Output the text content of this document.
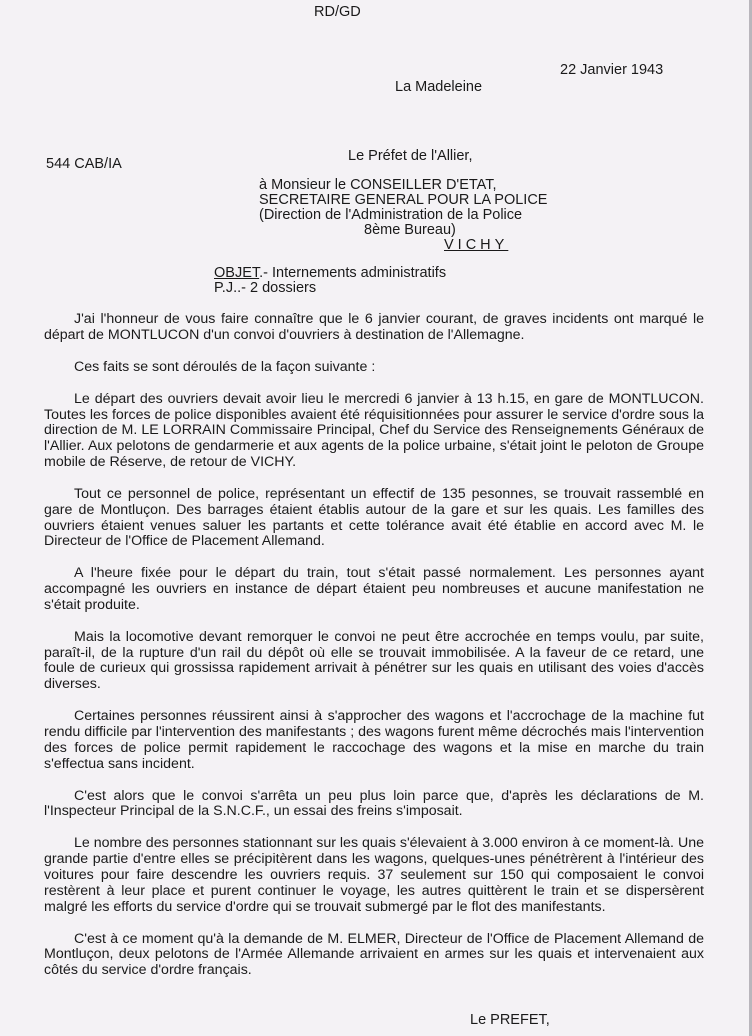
RD/GD
22 Janvier 1943
La Madeleine
544 CAB/IA	Le Préfet de l'Allier,
à Monsieur le CONSEILLER D'ETAT,
SECRETAIRE GENERAL POUR LA POLICE
(Direction de l'Administration de la Police
8ème Bureau)
VICHY
OBJET.- Internements administratifs
P.J..- 2 dossiers

J'ai l'honneur de vous faire connaître que le 6 janvier courant, de graves incidents ont marqué le départ de MONTLUCON d'un convoi d'ouvriers à destination de l'Allemagne.

Ces faits se sont déroulés de la façon suivante :

Le départ des ouvriers devait avoir lieu le mercredi 6 janvier à 13 h.15, en gare de MONTLUCON. Toutes les forces de police disponibles avaient été réquisitionnées pour assurer le service d'ordre sous la direction de M. LE LORRAIN Commissaire Principal, Chef du Service des Renseignements Généraux de l'Allier. Aux pelotons de gendarmerie et aux agents de la police urbaine, s'était joint le peloton de Groupe mobile de Réserve, de retour de VICHY.

Tout ce personnel de police, représentant un effectif de 135 pesonnes, se trouvait rassemblé en gare de Montluçon. Des barrages étaient établis autour de la gare et sur les quais. Les familles des ouvriers étaient venues saluer les partants et cette tolérance avait été établie en accord avec M. le Directeur de l'Office de Placement Allemand.

A l'heure fixée pour le départ du train, tout s'était passé normalement. Les personnes ayant accompagné les ouvriers en instance de départ étaient peu nombreuses et aucune manifestation ne s'était produite.

Mais la locomotive devant remorquer le convoi ne peut être accrochée en temps voulu, par suite, paraît-il, de la rupture d'un rail du dépôt où elle se trouvait immobilisée. A la faveur de ce retard, une foule de curieux qui grossissa rapidement arrivait à pénétrer sur les quais en utilisant des voies d'accès diverses.

Certaines personnes réussirent ainsi à s'approcher des wagons et l'accrochage de la machine fut rendu difficile par l'intervention des manifestants ; des wagons furent même décrochés mais l'intervention des forces de police permit rapidement le raccochage des wagons et la mise en marche du train s'effectua sans incident.

C'est alors que le convoi s'arrêta un peu plus loin parce que, d'après les déclarations de M. l'Inspecteur Principal de la S.N.C.F., un essai des freins s'imposait.

Le nombre des personnes stationnant sur les quais s'élevaient à 3.000 environ à ce moment-là. Une grande partie d'entre elles se précipitèrent dans les wagons, quelques-unes pénétrèrent à l'intérieur des voitures pour faire descendre les ouvriers requis. 37 seulement sur 150 qui composaient le convoi restèrent à leur place et purent continuer le voyage, les autres quittèrent le train et se dispersèrent malgré les efforts du service d'ordre qui se trouvait submergé par le flot des manifestants.

C'est à ce moment qu'à la demande de M. ELMER, Directeur de l'Office de Placement Allemand de Montluçon, deux pelotons de l'Armée Allemande arrivaient en armes sur les quais et intervenaient aux côtés du service d'ordre français.

Le PREFET,
